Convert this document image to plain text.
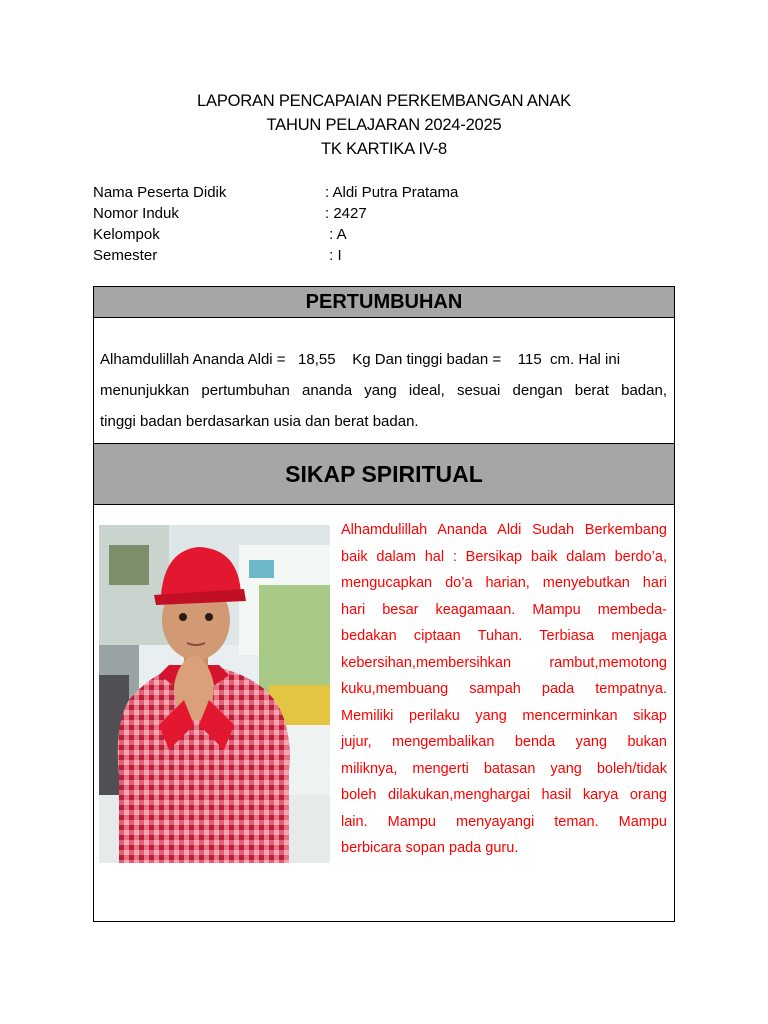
LAPORAN PENCAPAIAN PERKEMBANGAN ANAK
TAHUN PELAJARAN 2024-2025
TK KARTIKA IV-8
Nama Peserta Didik	: Aldi Putra Pratama
Nomor Induk	: 2427
Kelompok	: A
Semester	: I
PERTUMBUHAN
Alhamdulillah Ananda Aldi =   18,55    Kg Dan tinggi badan =    115  cm. Hal ini
menunjukkan pertumbuhan ananda yang ideal, sesuai dengan berat badan,
tinggi badan berdasarkan usia dan berat badan.
SIKAP SPIRITUAL
Alhamdulillah Ananda Aldi Sudah Berkembang
baik dalam hal : Bersikap baik dalam berdo’a,
mengucapkan do’a harian, menyebutkan hari
hari besar keagamaan. Mampu membeda-
bedakan ciptaan Tuhan. Terbiasa menjaga
kebersihan,membersihkan rambut,memotong
kuku,membuang sampah pada tempatnya.
Memiliki perilaku yang mencerminkan sikap
jujur, mengembalikan benda yang bukan
miliknya, mengerti batasan yang boleh/tidak
boleh dilakukan,menghargai hasil karya orang
lain. Mampu menyayangi teman. Mampu
berbicara sopan pada guru.
